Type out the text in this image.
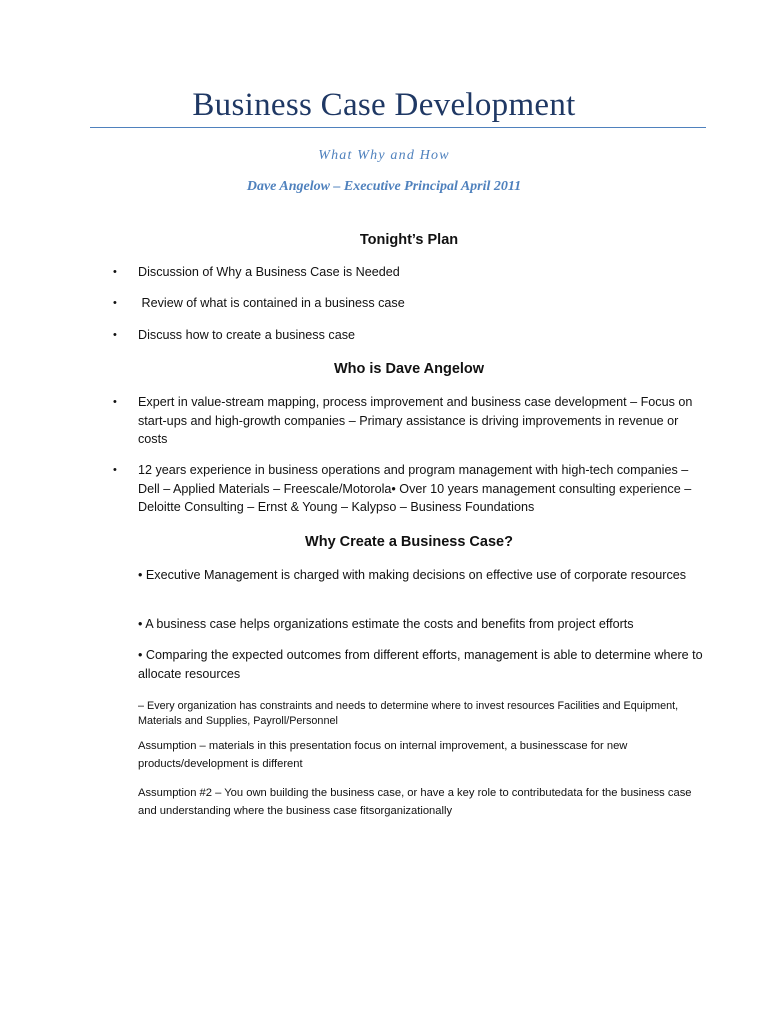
Business Case Development
What Why and How
Dave Angelow – Executive Principal April 2011
Tonight’s Plan
• Discussion of Why a Business Case is Needed
• Review of what is contained in a business case
• Discuss how to create a business case
Who is Dave Angelow
• Expert in value-stream mapping, process improvement and business case development – Focus on start-ups and high-growth companies – Primary assistance is driving improvements in revenue or costs
• 12 years experience in business operations and program management with high-tech companies – Dell – Applied Materials – Freescale/Motorola• Over 10 years management consulting experience – Deloitte Consulting – Ernst & Young – Kalypso – Business Foundations
Why Create a Business Case?

• Executive Management is charged with making decisions on effective use of corporate resources

• A business case helps organizations estimate the costs and benefits from project efforts

• Comparing the expected outcomes from different efforts, management is able to determine where to allocate resources

– Every organization has constraints and needs to determine where to invest resources Facilities and Equipment, Materials and Supplies, Payroll/Personnel

Assumption – materials in this presentation focus on internal improvement, a businesscase for new products/development is different

Assumption #2 – You own building the business case, or have a key role to contributedata for the business case and understanding where the business case fitsorganizationally
